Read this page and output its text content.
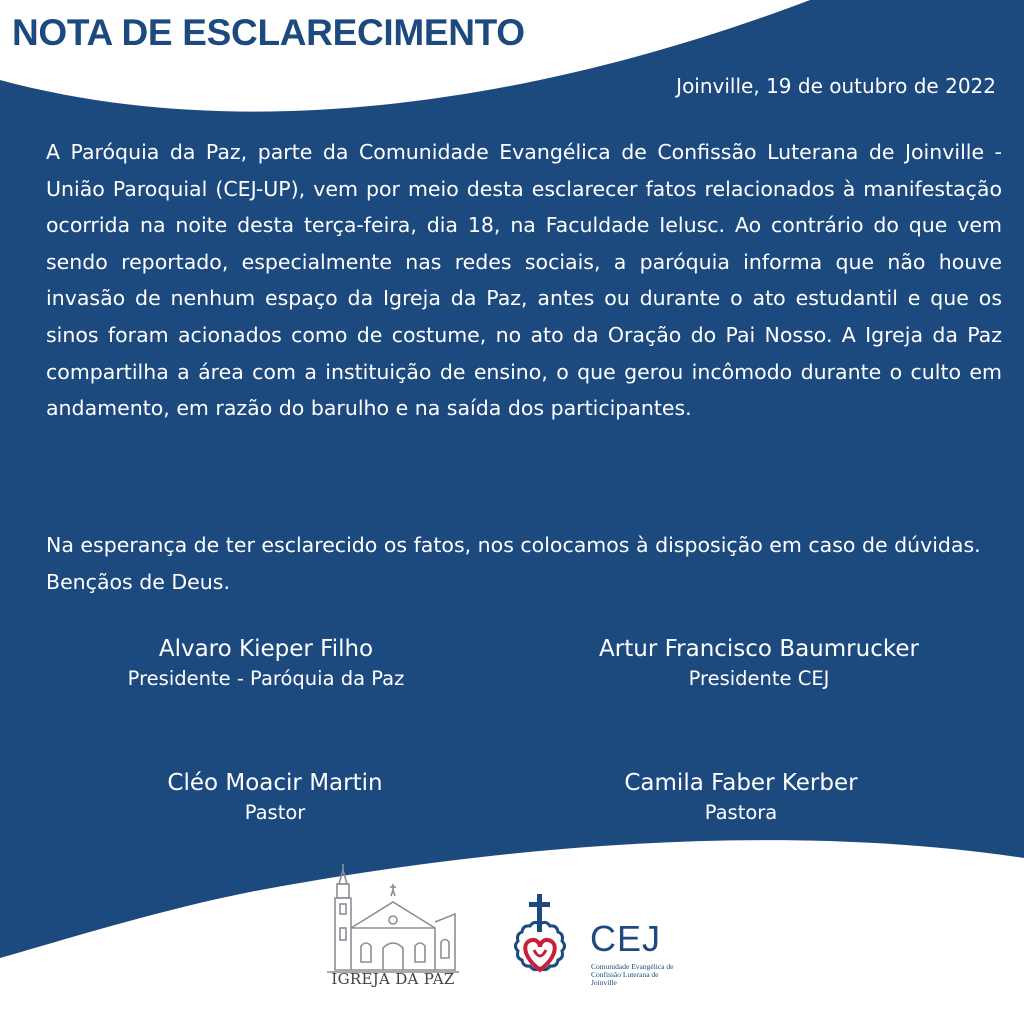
NOTA DE ESCLARECIMENTO
Joinville, 19 de outubro de 2022

A Paróquia da Paz, parte da Comunidade Evangélica de Confissão Luterana de Joinville - União Paroquial (CEJ-UP), vem por meio desta esclarecer fatos relacionados à manifestação ocorrida na noite desta terça-feira, dia 18, na Faculdade Ielusc. Ao contrário do que vem sendo reportado, especialmente nas redes sociais, a paróquia informa que não houve invasão de nenhum espaço da Igreja da Paz, antes ou durante o ato estudantil e que os sinos foram acionados como de costume, no ato da Oração do Pai Nosso. A Igreja da Paz compartilha a área com a instituição de ensino, o que gerou incômodo durante o culto em andamento, em razão do barulho e na saída dos participantes.

Na esperança de ter esclarecido os fatos, nos colocamos à disposição em caso de dúvidas. Bençãos de Deus.

Alvaro Kieper Filho
Presidente - Paróquia da Paz
Artur Francisco Baumrucker
Presidente CEJ
Cléo Moacir Martin
Pastor
Camila Faber Kerber
Pastora
IGREJA DA PAZ
CEJ
Comunidade Evangélica de Confissão Luterana de Joinville
